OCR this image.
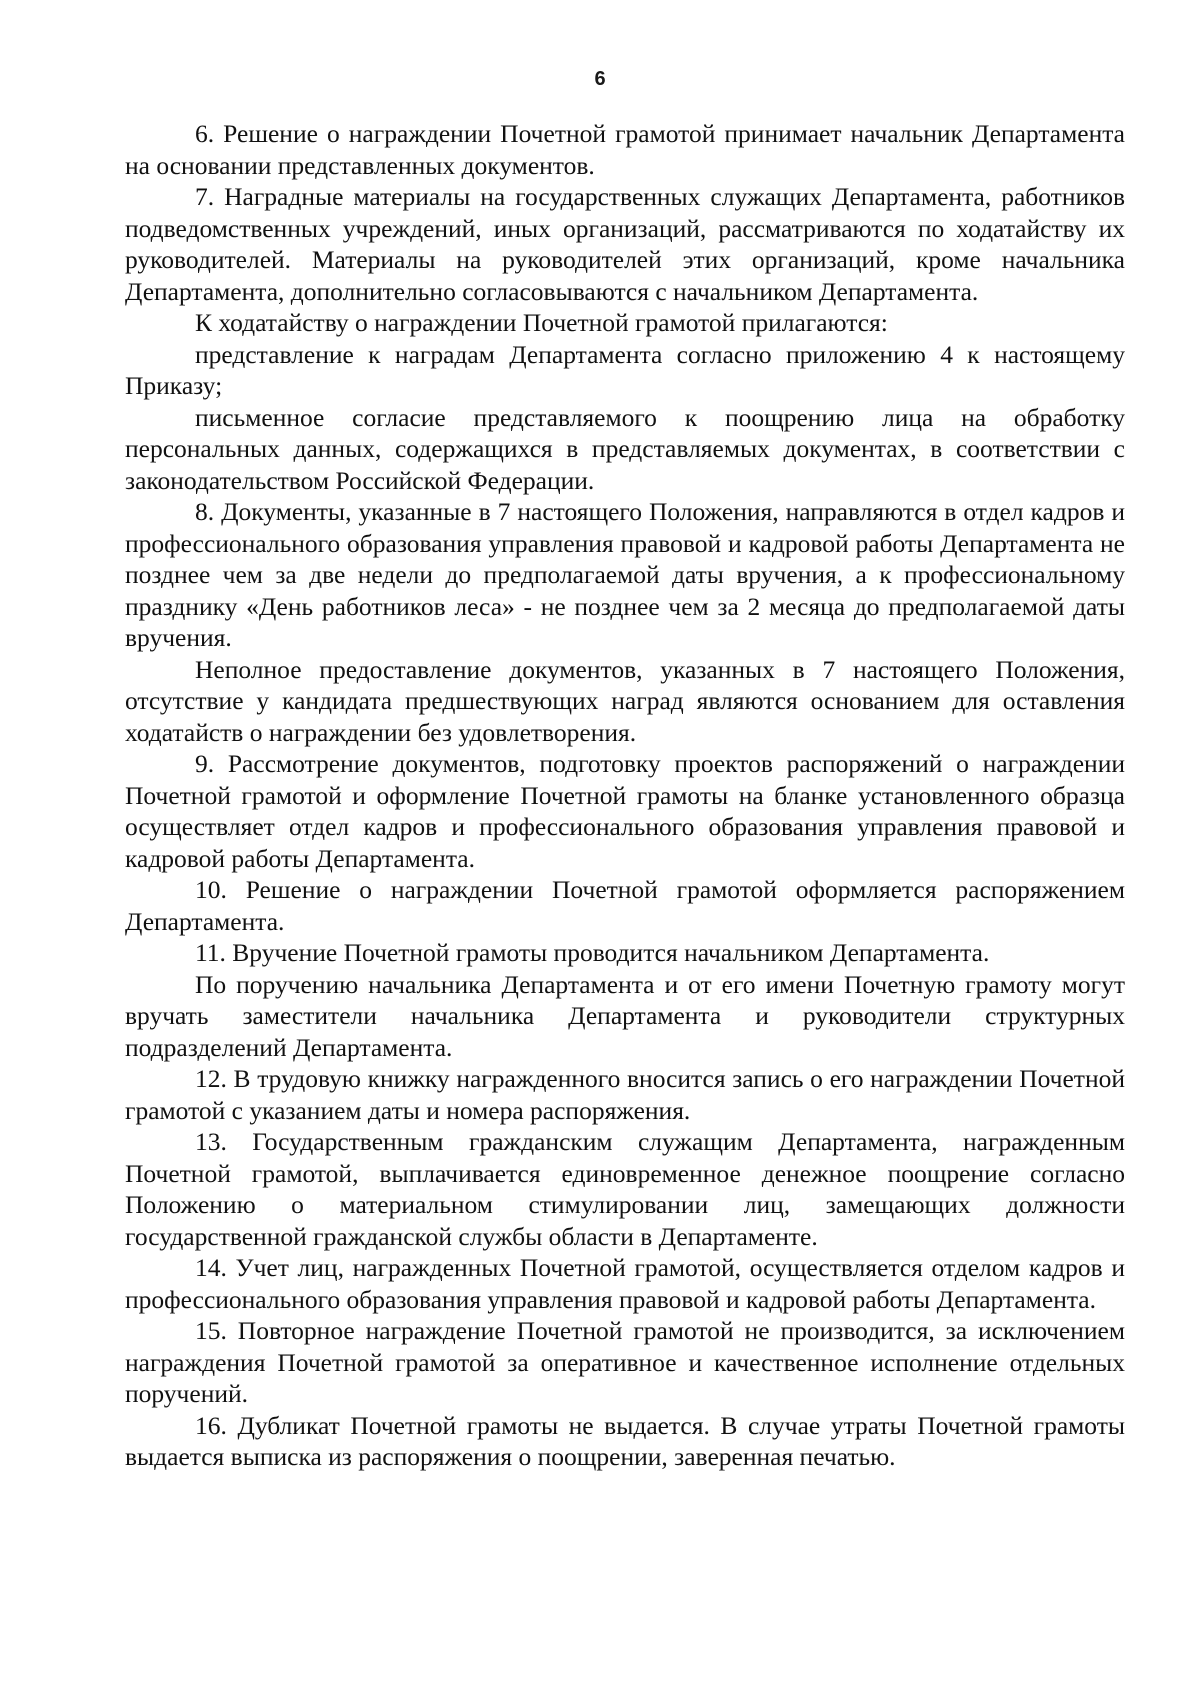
6

6. Решение о награждении Почетной грамотой принимает начальник Департамента на основании представленных документов.

7. Наградные материалы на государственных служащих Департамента, работников подведомственных учреждений, иных организаций, рассматриваются по ходатайству их руководителей. Материалы на руководителей этих организаций, кроме начальника Департамента, дополнительно согласовываются с начальником Департамента.

К ходатайству о награждении Почетной грамотой прилагаются:

представление к наградам Департамента согласно приложению 4 к настоящему Приказу;

письменное согласие представляемого к поощрению лица на обработку персональных данных, содержащихся в представляемых документах, в соответствии с законодательством Российской Федерации.

8. Документы, указанные в 7 настоящего Положения, направляются в отдел кадров и профессионального образования управления правовой и кадровой работы Департамента не позднее чем за две недели до предполагаемой даты вручения, а к профессиональному празднику «День работников леса» - не позднее чем за 2 месяца до предполагаемой даты вручения.

Неполное предоставление документов, указанных в 7 настоящего Положения, отсутствие у кандидата предшествующих наград являются основанием для оставления ходатайств о награждении без удовлетворения.

9. Рассмотрение документов, подготовку проектов распоряжений о награждении Почетной грамотой и оформление Почетной грамоты на бланке установленного образца осуществляет отдел кадров и профессионального образования управления правовой и кадровой работы Департамента.

10. Решение о награждении Почетной грамотой оформляется распоряжением Департамента.

11. Вручение Почетной грамоты проводится начальником Департамента.

По поручению начальника Департамента и от его имени Почетную грамоту могут вручать заместители начальника Департамента и руководители структурных подразделений Департамента.

12. В трудовую книжку награжденного вносится запись о его награждении Почетной грамотой с указанием даты и номера распоряжения.

13. Государственным гражданским служащим Департамента, награжденным Почетной грамотой, выплачивается единовременное денежное поощрение согласно Положению о материальном стимулировании лиц, замещающих должности государственной гражданской службы области в Департаменте.

14. Учет лиц, награжденных Почетной грамотой, осуществляется отделом кадров и профессионального образования управления правовой и кадровой работы Департамента.

15. Повторное награждение Почетной грамотой не производится, за исключением награждения Почетной грамотой за оперативное и качественное исполнение отдельных поручений.

16. Дубликат Почетной грамоты не выдается. В случае утраты Почетной грамоты выдается выписка из распоряжения о поощрении, заверенная печатью.
